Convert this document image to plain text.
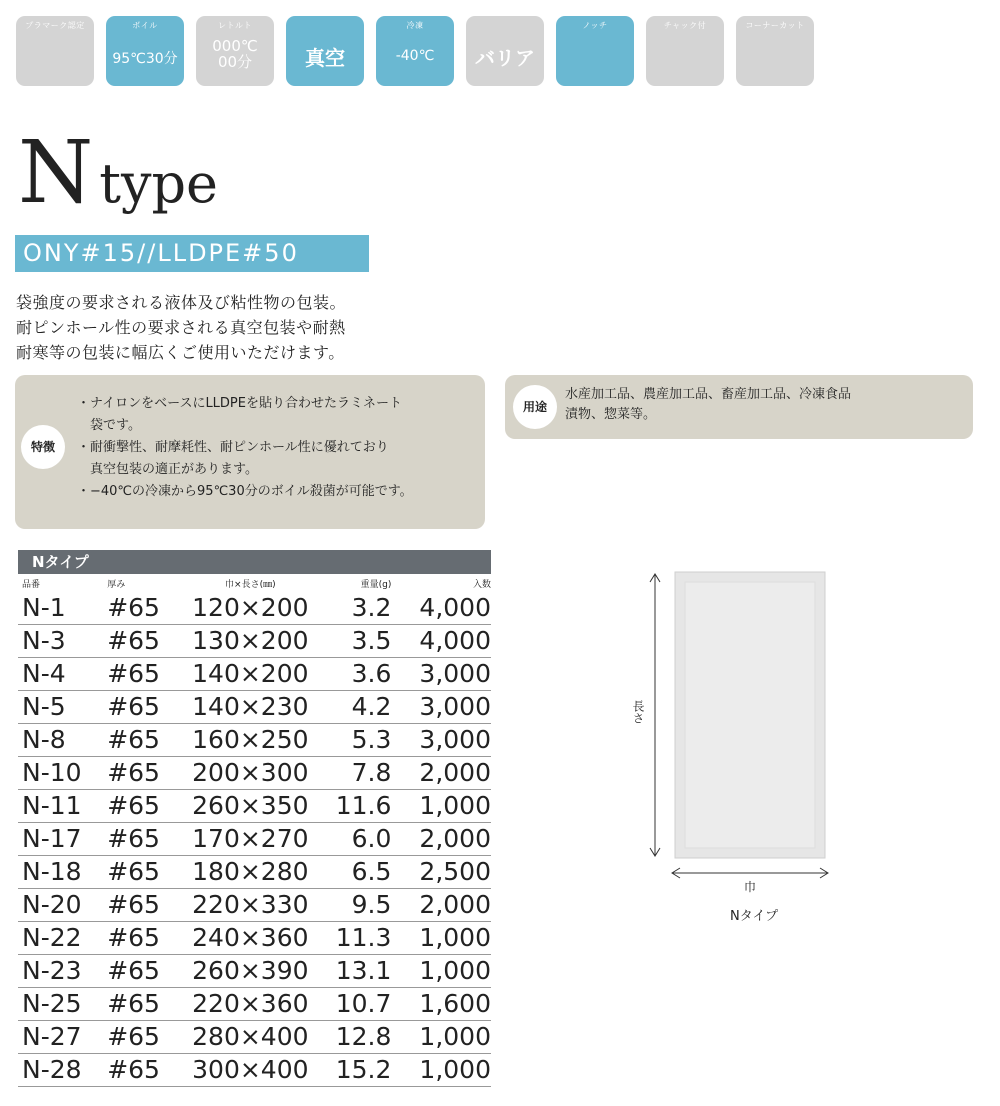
プラマーク認定	ボイル
95℃30分
レトルト
000℃
00分	真空
冷凍
-40℃	バリア
ノッチ	チャック付	コーナーカット
Ntype
ONY#15//LLDPE#50
袋強度の要求される液体及び粘性物の包装。
耐ピンホール性の要求される真空包装や耐熱
耐寒等の包装に幅広くご使用いただけます。
特徴
・ナイロンをベースにLLDPEを貼り合わせたラミネート
　袋です。
・耐衝撃性、耐摩耗性、耐ピンホール性に優れており
　真空包装の適正があります。
・−40℃の冷凍から95℃30分のボイル殺菌が可能です。
用途
水産加工品、農産加工品、畜産加工品、冷凍食品
漬物、惣菜等。
Nタイプ
品番	厚み	巾×長さ(㎜)	重量(g)	入数
N-1	#65	120×200	3.2	4,000
N-3	#65	130×200	3.5	4,000
N-4	#65	140×200	3.6	3,000
N-5	#65	140×230	4.2	3,000
N-8	#65	160×250	5.3	3,000
N-10	#65	200×300	7.8	2,000
N-11	#65	260×350	11.6	1,000
N-17	#65	170×270	6.0	2,000
N-18	#65	180×280	6.5	2,500
N-20	#65	220×330	9.5	2,000
N-22	#65	240×360	11.3	1,000
N-23	#65	260×390	13.1	1,000
N-25	#65	220×360	10.7	1,600
N-27	#65	280×400	12.8	1,000
N-28	#65	300×400	15.2	1,000
長さ
巾
Nタイプ
